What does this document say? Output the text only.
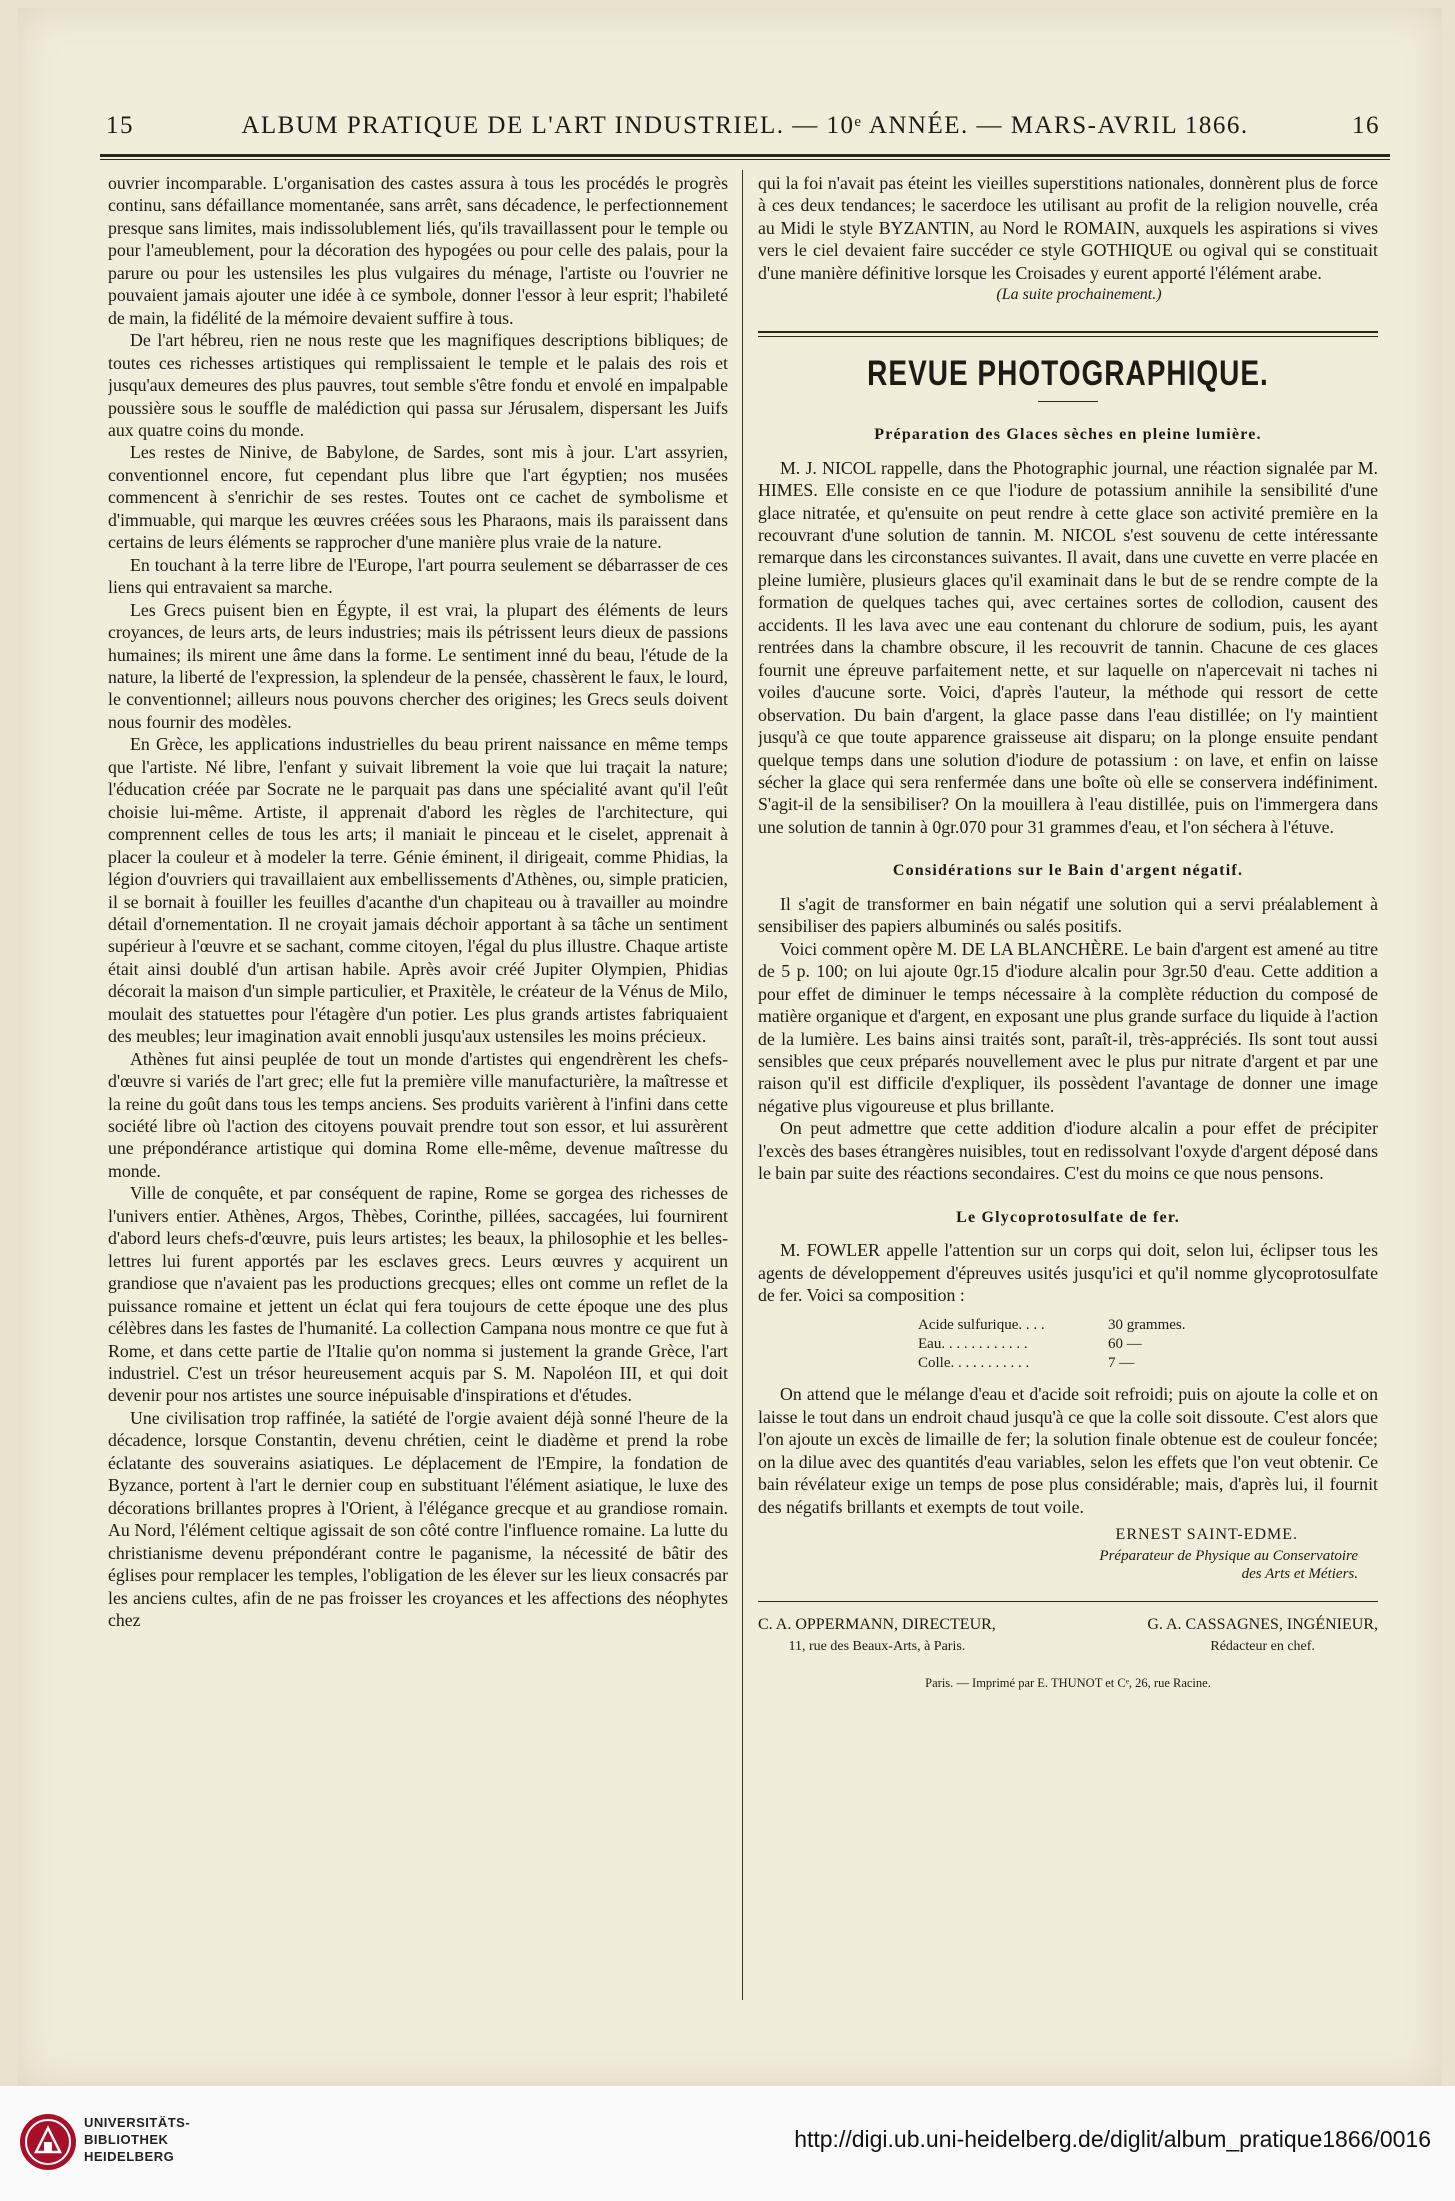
15	ALBUM PRATIQUE DE L'ART INDUSTRIEL. — 10ᵉ ANNÉE. — MARS-AVRIL 1866.	16

ouvrier incomparable. L'organisation des castes assura à tous les procédés le progrès continu, sans défaillance momentanée, sans arrêt, sans décadence, le perfectionnement presque sans limites, mais indissolublement liés, qu'ils travaillassent pour le temple ou pour l'ameublement, pour la décoration des hypogées ou pour celle des palais, pour la parure ou pour les ustensiles les plus vulgaires du ménage, l'artiste ou l'ouvrier ne pouvaient jamais ajouter une idée à ce symbole, donner l'essor à leur esprit; l'habileté de main, la fidélité de la mémoire devaient suffire à tous.

De l'art hébreu, rien ne nous reste que les magnifiques descriptions bibliques; de toutes ces richesses artistiques qui remplissaient le temple et le palais des rois et jusqu'aux demeures des plus pauvres, tout semble s'être fondu et envolé en impalpable poussière sous le souffle de malédiction qui passa sur Jérusalem, dispersant les Juifs aux quatre coins du monde.

Les restes de Ninive, de Babylone, de Sardes, sont mis à jour. L'art assyrien, conventionnel encore, fut cependant plus libre que l'art égyptien; nos musées commencent à s'enrichir de ses restes. Toutes ont ce cachet de symbolisme et d'immuable, qui marque les œuvres créées sous les Pharaons, mais ils paraissent dans certains de leurs éléments se rapprocher d'une manière plus vraie de la nature.

En touchant à la terre libre de l'Europe, l'art pourra seulement se débarrasser de ces liens qui entravaient sa marche.

Les Grecs puisent bien en Égypte, il est vrai, la plupart des éléments de leurs croyances, de leurs arts, de leurs industries; mais ils pétrissent leurs dieux de passions humaines; ils mirent une âme dans la forme. Le sentiment inné du beau, l'étude de la nature, la liberté de l'expression, la splendeur de la pensée, chassèrent le faux, le lourd, le conventionnel; ailleurs nous pouvons chercher des origines; les Grecs seuls doivent nous fournir des modèles.

En Grèce, les applications industrielles du beau prirent naissance en même temps que l'artiste. Né libre, l'enfant y suivait librement la voie que lui traçait la nature; l'éducation créée par Socrate ne le parquait pas dans une spécialité avant qu'il l'eût choisie lui-même. Artiste, il apprenait d'abord les règles de l'architecture, qui comprennent celles de tous les arts; il maniait le pinceau et le ciselet, apprenait à placer la couleur et à modeler la terre. Génie éminent, il dirigeait, comme Phidias, la légion d'ouvriers qui travaillaient aux embellissements d'Athènes, ou, simple praticien, il se bornait à fouiller les feuilles d'acanthe d'un chapiteau ou à travailler au moindre détail d'ornementation. Il ne croyait jamais déchoir apportant à sa tâche un sentiment supérieur à l'œuvre et se sachant, comme citoyen, l'égal du plus illustre. Chaque artiste était ainsi doublé d'un artisan habile. Après avoir créé Jupiter Olympien, Phidias décorait la maison d'un simple particulier, et Praxitèle, le créateur de la Vénus de Milo, moulait des statuettes pour l'étagère d'un potier. Les plus grands artistes fabriquaient des meubles; leur imagination avait ennobli jusqu'aux ustensiles les moins précieux.

Athènes fut ainsi peuplée de tout un monde d'artistes qui engendrèrent les chefs-d'œuvre si variés de l'art grec; elle fut la première ville manufacturière, la maîtresse et la reine du goût dans tous les temps anciens. Ses produits varièrent à l'infini dans cette société libre où l'action des citoyens pouvait prendre tout son essor, et lui assurèrent une prépondérance artistique qui domina Rome elle-même, devenue maîtresse du monde.

Ville de conquête, et par conséquent de rapine, Rome se gorgea des richesses de l'univers entier. Athènes, Argos, Thèbes, Corinthe, pillées, saccagées, lui fournirent d'abord leurs chefs-d'œuvre, puis leurs artistes; les beaux, la philosophie et les belles-lettres lui furent apportés par les esclaves grecs. Leurs œuvres y acquirent un grandiose que n'avaient pas les productions grecques; elles ont comme un reflet de la puissance romaine et jettent un éclat qui fera toujours de cette époque une des plus célèbres dans les fastes de l'humanité. La collection Campana nous montre ce que fut à Rome, et dans cette partie de l'Italie qu'on nomma si justement la grande Grèce, l'art industriel. C'est un trésor heureusement acquis par S. M. Napoléon III, et qui doit devenir pour nos artistes une source inépuisable d'inspirations et d'études.

Une civilisation trop raffinée, la satiété de l'orgie avaient déjà sonné l'heure de la décadence, lorsque Constantin, devenu chrétien, ceint le diadème et prend la robe éclatante des souverains asiatiques. Le déplacement de l'Empire, la fondation de Byzance, portent à l'art le dernier coup en substituant l'élément asiatique, le luxe des décorations brillantes propres à l'Orient, à l'élégance grecque et au grandiose romain. Au Nord, l'élément celtique agissait de son côté contre l'influence romaine. La lutte du christianisme devenu prépondérant contre le paganisme, la nécessité de bâtir des églises pour remplacer les temples, l'obligation de les élever sur les lieux consacrés par les anciens cultes, afin de ne pas froisser les croyances et les affections des néophytes chez

qui la foi n'avait pas éteint les vieilles superstitions nationales, donnèrent plus de force à ces deux tendances; le sacerdoce les utilisant au profit de la religion nouvelle, créa au Midi le style BYZANTIN, au Nord le ROMAIN, auxquels les aspirations si vives vers le ciel devaient faire succéder ce style GOTHIQUE ou ogival qui se constituait d'une manière définitive lorsque les Croisades y eurent apporté l'élément arabe.

(La suite prochainement.)

REVUE PHOTOGRAPHIQUE.
Préparation des Glaces sèches en pleine lumière.

M. J. NICOL rappelle, dans the Photographic journal, une réaction signalée par M. HIMES. Elle consiste en ce que l'iodure de potassium annihile la sensibilité d'une glace nitratée, et qu'ensuite on peut rendre à cette glace son activité première en la recouvrant d'une solution de tannin. M. NICOL s'est souvenu de cette intéressante remarque dans les circonstances suivantes. Il avait, dans une cuvette en verre placée en pleine lumière, plusieurs glaces qu'il examinait dans le but de se rendre compte de la formation de quelques taches qui, avec certaines sortes de collodion, causent des accidents. Il les lava avec une eau contenant du chlorure de sodium, puis, les ayant rentrées dans la chambre obscure, il les recouvrit de tannin. Chacune de ces glaces fournit une épreuve parfaitement nette, et sur laquelle on n'apercevait ni taches ni voiles d'aucune sorte. Voici, d'après l'auteur, la méthode qui ressort de cette observation. Du bain d'argent, la glace passe dans l'eau distillée; on l'y maintient jusqu'à ce que toute apparence graisseuse ait disparu; on la plonge ensuite pendant quelque temps dans une solution d'iodure de potassium : on lave, et enfin on laisse sécher la glace qui sera renfermée dans une boîte où elle se conservera indéfiniment. S'agit-il de la sensibiliser? On la mouillera à l'eau distillée, puis on l'immergera dans une solution de tannin à 0gr.070 pour 31 grammes d'eau, et l'on séchera à l'étuve.

Considérations sur le Bain d'argent négatif.

Il s'agit de transformer en bain négatif une solution qui a servi préalablement à sensibiliser des papiers albuminés ou salés positifs.

Voici comment opère M. DE LA BLANCHÈRE. Le bain d'argent est amené au titre de 5 p. 100; on lui ajoute 0gr.15 d'iodure alcalin pour 3gr.50 d'eau. Cette addition a pour effet de diminuer le temps nécessaire à la complète réduction du composé de matière organique et d'argent, en exposant une plus grande surface du liquide à l'action de la lumière. Les bains ainsi traités sont, paraît-il, très-appréciés. Ils sont tout aussi sensibles que ceux préparés nouvellement avec le plus pur nitrate d'argent et par une raison qu'il est difficile d'expliquer, ils possèdent l'avantage de donner une image négative plus vigoureuse et plus brillante.

On peut admettre que cette addition d'iodure alcalin a pour effet de précipiter l'excès des bases étrangères nuisibles, tout en redissolvant l'oxyde d'argent déposé dans le bain par suite des réactions secondaires. C'est du moins ce que nous pensons.

Le Glycoprotosulfate de fer.

M. FOWLER appelle l'attention sur un corps qui doit, selon lui, éclipser tous les agents de développement d'épreuves usités jusqu'ici et qu'il nomme glycoprotosulfate de fer. Voici sa composition :

Acide sulfurique. . . .	30 grammes.
Eau. . . . . . . . . . . .	60 —
Colle. . . . . . . . . . .	7 —

On attend que le mélange d'eau et d'acide soit refroidi; puis on ajoute la colle et on laisse le tout dans un endroit chaud jusqu'à ce que la colle soit dissoute. C'est alors que l'on ajoute un excès de limaille de fer; la solution finale obtenue est de couleur foncée; on la dilue avec des quantités d'eau variables, selon les effets que l'on veut obtenir. Ce bain révélateur exige un temps de pose plus considérable; mais, d'après lui, il fournit des négatifs brillants et exempts de tout voile.

ERNEST SAINT-EDME.
Préparateur de Physique au Conservatoire
des Arts et Métiers.
C. A. OPPERMANN, DIRECTEUR,
11, rue des Beaux-Arts, à Paris.
G. A. CASSAGNES, INGÉNIEUR,
Rédacteur en chef.
Paris. — Imprimé par E. THUNOT et Cᵉ, 26, rue Racine.
UNIVERSITÄTS-
BIBLIOTHEK
HEIDELBERG
http://digi.ub.uni-heidelberg.de/diglit/album_pratique1866/0016
